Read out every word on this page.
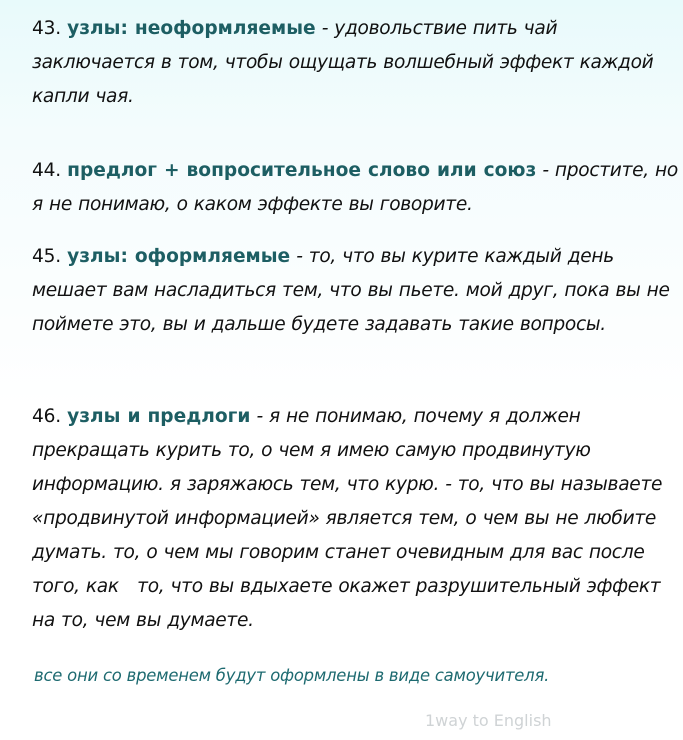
43. узлы: неоформляемые - удовольствие пить чай заключается в том, чтобы ощущать волшебный эффект каждой капли чая.

44. предлог + вопросительное слово или союз - простите, но я не понимаю, о каком эффекте вы говорите.

45. узлы: оформляемые - то, что вы курите каждый день мешает вам насладиться тем, что вы пьете. мой друг, пока вы не поймете это, вы и дальше будете задавать такие вопросы.

46. узлы и предлоги - я не понимаю, почему я должен прекращать курить то, о чем я имею самую продвинутую информацию. я заряжаюсь тем, что курю. - то, что вы называете «продвинутой информацией» является тем, о чем вы не любите думать. то, о чем мы говорим станет очевидным для вас после того, как   то, что вы вдыхаете окажет разрушительный эффект на то, чем вы думаете.

все они со временем будут оформлены в виде самоучителя.
1way to English
